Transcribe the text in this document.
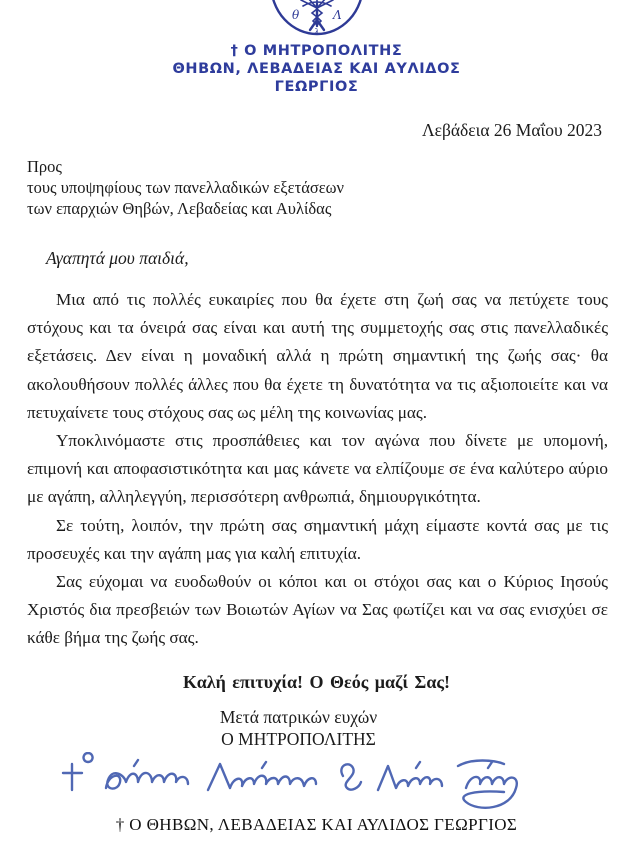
θ	Λ
λ
† Ο ΜΗΤΡΟΠΟΛΙΤΗΣ
ΘΗΒΩΝ, ΛΕΒΑΔΕΙΑΣ ΚΑΙ ΑΥΛΙΔΟΣ
ΓΕΩΡΓΙΟΣ
Λεβάδεια 26 Μαΐου 2023
Προς
τους υποψηφίους των πανελλαδικών εξετάσεων
των επαρχιών Θηβών, Λεβαδείας και Αυλίδας
Αγαπητά μου παιδιά,

Μια από τις πολλές ευκαιρίες που θα έχετε στη ζωή σας να πετύχετε τους στόχους και τα όνειρά σας είναι και αυτή της συμμετοχής σας στις πανελλαδικές εξετάσεις. Δεν είναι η μοναδική αλλά η πρώτη σημαντική της ζωής σας· θα ακολουθήσουν πολλές άλλες που θα έχετε τη δυνατότητα να τις αξιοποιείτε και να πετυχαίνετε τους στόχους σας ως μέλη της κοινωνίας μας.

Υποκλινόμαστε στις προσπάθειες και τον αγώνα που δίνετε με υπομονή, επιμονή και αποφασιστικότητα και μας κάνετε να ελπίζουμε σε ένα καλύτερο αύριο με αγάπη, αλληλεγγύη, περισσότερη ανθρωπιά, δημιουργικότητα.

Σε τούτη, λοιπόν, την πρώτη σας σημαντική μάχη είμαστε κοντά σας με τις προσευχές και την αγάπη μας για καλή επιτυχία.

Σας εύχομαι να ευοδωθούν οι κόποι και οι στόχοι σας και ο Κύριος Ιησούς Χριστός δια πρεσβειών των Βοιωτών Αγίων να Σας φωτίζει και να σας ενισχύει σε κάθε βήμα της ζωής σας.

Καλή επιτυχία! Ο Θεός μαζί Σας!
Μετά πατρικών ευχών
Ο ΜΗΤΡΟΠΟΛΙΤΗΣ
† Ο ΘΗΒΩΝ, ΛΕΒΑΔΕΙΑΣ ΚΑΙ ΑΥΛΙΔΟΣ ΓΕΩΡΓΙΟΣ
